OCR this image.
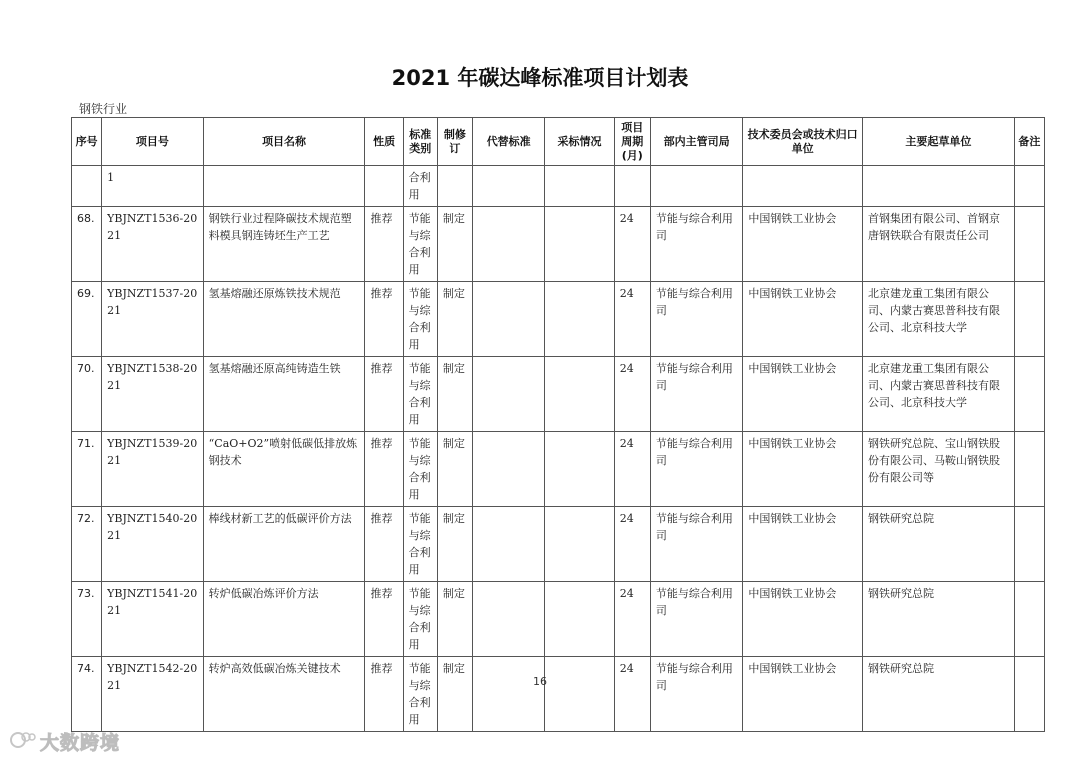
2021 年碳达峰标准项目计划表
钢铁行业
序号	项目号	项目名称	性质	标准类别	制修订	代替标准	采标情况	项目周期(月)	部内主管司局	技术委员会或技术归口单位	主要起草单位	备注
	1			合利用								
68.	YBJNZT1536-2021	钢铁行业过程降碳技术规范塑料模具钢连铸坯生产工艺	推荐	节能与综合利用	制定			24	节能与综合利用司	中国钢铁工业协会	首钢集团有限公司、首钢京唐钢铁联合有限责任公司	
69.	YBJNZT1537-2021	氢基熔融还原炼铁技术规范	推荐	节能与综合利用	制定			24	节能与综合利用司	中国钢铁工业协会	北京建龙重工集团有限公司、内蒙古赛思普科技有限公司、北京科技大学	
70.	YBJNZT1538-2021	氢基熔融还原高纯铸造生铁	推荐	节能与综合利用	制定			24	节能与综合利用司	中国钢铁工业协会	北京建龙重工集团有限公司、内蒙古赛思普科技有限公司、北京科技大学	
71.	YBJNZT1539-2021	“CaO+O2”喷射低碳低排放炼钢技术	推荐	节能与综合利用	制定			24	节能与综合利用司	中国钢铁工业协会	钢铁研究总院、宝山钢铁股份有限公司、马鞍山钢铁股份有限公司等	
72.	YBJNZT1540-2021	棒线材新工艺的低碳评价方法	推荐	节能与综合利用	制定			24	节能与综合利用司	中国钢铁工业协会	钢铁研究总院	
73.	YBJNZT1541-2021	转炉低碳冶炼评价方法	推荐	节能与综合利用	制定			24	节能与综合利用司	中国钢铁工业协会	钢铁研究总院	
74.	YBJNZT1542-2021	转炉高效低碳冶炼关键技术	推荐	节能与综合利用	制定			24	节能与综合利用司	中国钢铁工业协会	钢铁研究总院	
16
大数跨境
